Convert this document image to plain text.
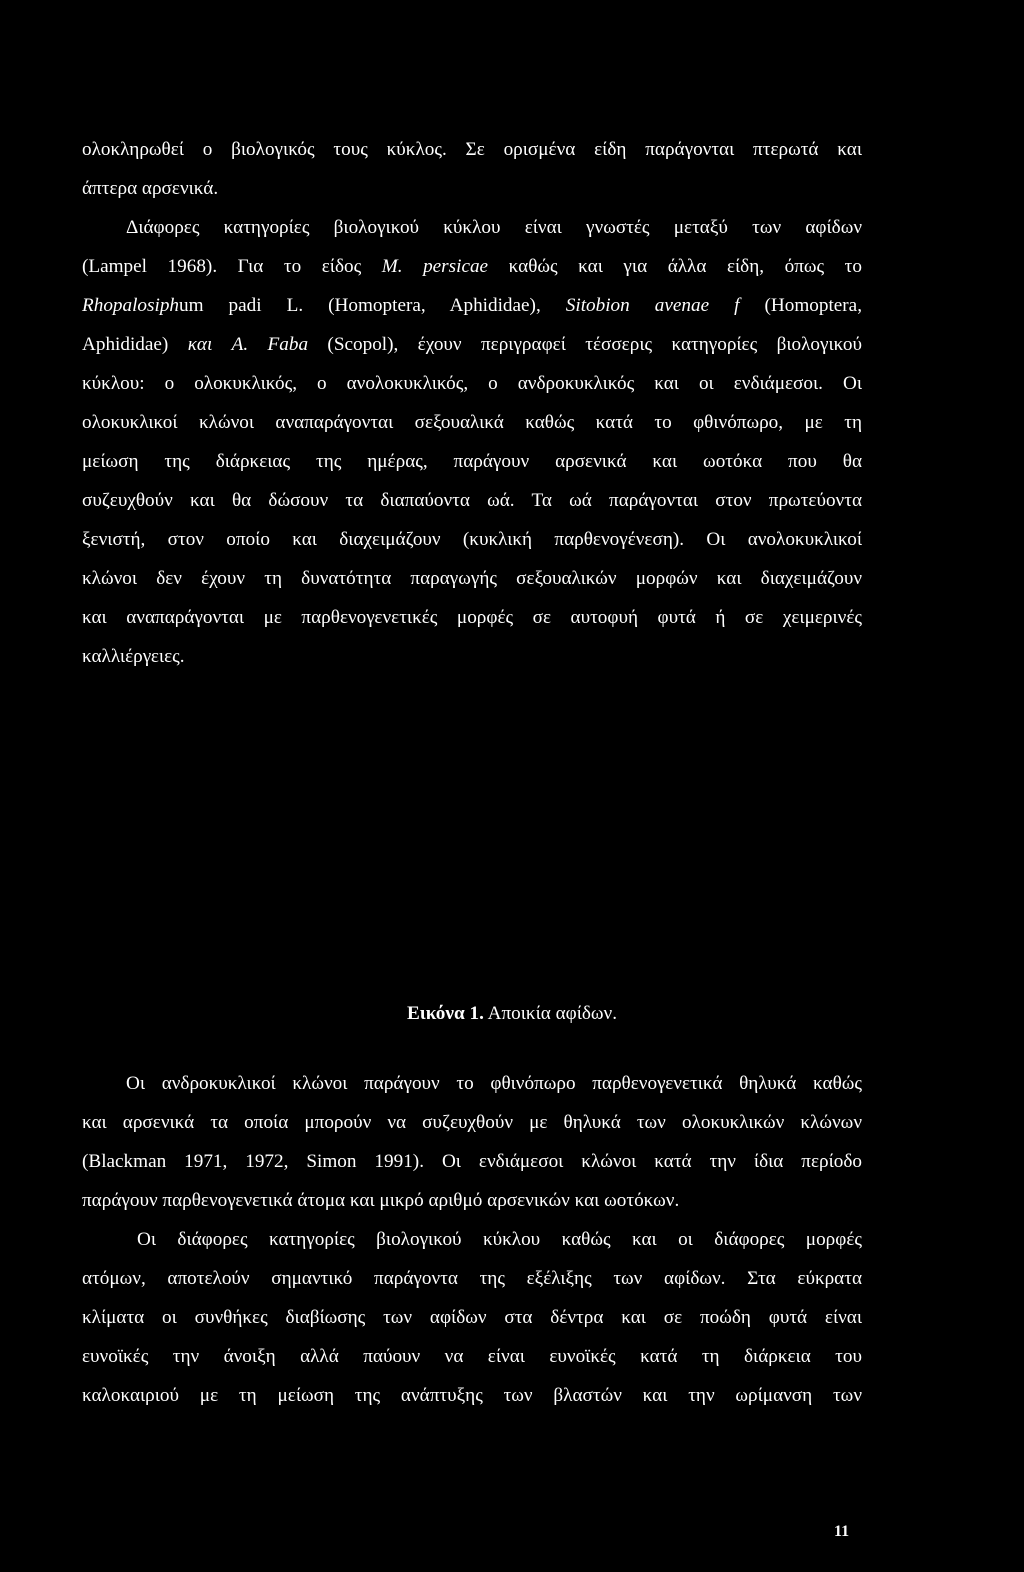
ολοκληρωθεί ο βιολογικός τους κύκλος. Σε ορισμένα είδη παράγονται πτερωτά και
άπτερα αρσενικά.
Διάφορες κατηγορίες βιολογικού κύκλου είναι γνωστές μεταξύ των αφίδων
(Lampel 1968). Για το είδος M. persicae καθώς και για άλλα είδη, όπως το
Rhopalosiphum padi L. (Homoptera, Aphididae), Sitobion avenae f (Homoptera,
Aphididae) και A. Faba (Scopol), έχουν περιγραφεί τέσσερις κατηγορίες βιολογικού
κύκλου: ο ολοκυκλικός, ο ανολοκυκλικός, ο ανδροκυκλικός και οι ενδιάμεσοι. Οι
ολοκυκλικοί κλώνοι αναπαράγονται σεξουαλικά καθώς κατά το φθινόπωρο, με τη
μείωση της διάρκειας της ημέρας, παράγουν αρσενικά και ωοτόκα που θα
συζευχθούν και θα δώσουν τα διαπαύοντα ωά. Τα ωά παράγονται στον πρωτεύοντα
ξενιστή, στον οποίο και διαχειμάζουν (κυκλική παρθενογένεση). Οι ανολοκυκλικοί
κλώνοι δεν έχουν τη δυνατότητα παραγωγής σεξουαλικών μορφών και διαχειμάζουν
και αναπαράγονται με παρθενογενετικές μορφές σε αυτοφυή φυτά ή σε χειμερινές
καλλιέργειες.
Εικόνα 1. Αποικία αφίδων.
Οι ανδροκυκλικοί κλώνοι παράγουν το φθινόπωρο παρθενογενετικά θηλυκά καθώς
και αρσενικά τα οποία μπορούν να συζευχθούν με θηλυκά των ολοκυκλικών κλώνων
(Blackman 1971, 1972, Simon 1991). Οι ενδιάμεσοι κλώνοι κατά την ίδια περίοδο
παράγουν παρθενογενετικά άτομα και μικρό αριθμό αρσενικών και ωοτόκων.
Οι διάφορες κατηγορίες βιολογικού κύκλου καθώς και οι διάφορες μορφές
ατόμων, αποτελούν σημαντικό παράγοντα της εξέλιξης των αφίδων. Στα εύκρατα
κλίματα οι συνθήκες διαβίωσης των αφίδων στα δέντρα και σε ποώδη φυτά είναι
ευνοϊκές την άνοιξη αλλά παύουν να είναι ευνοϊκές κατά τη διάρκεια του
καλοκαιριού με τη μείωση της ανάπτυξης των βλαστών και την ωρίμανση των
11
